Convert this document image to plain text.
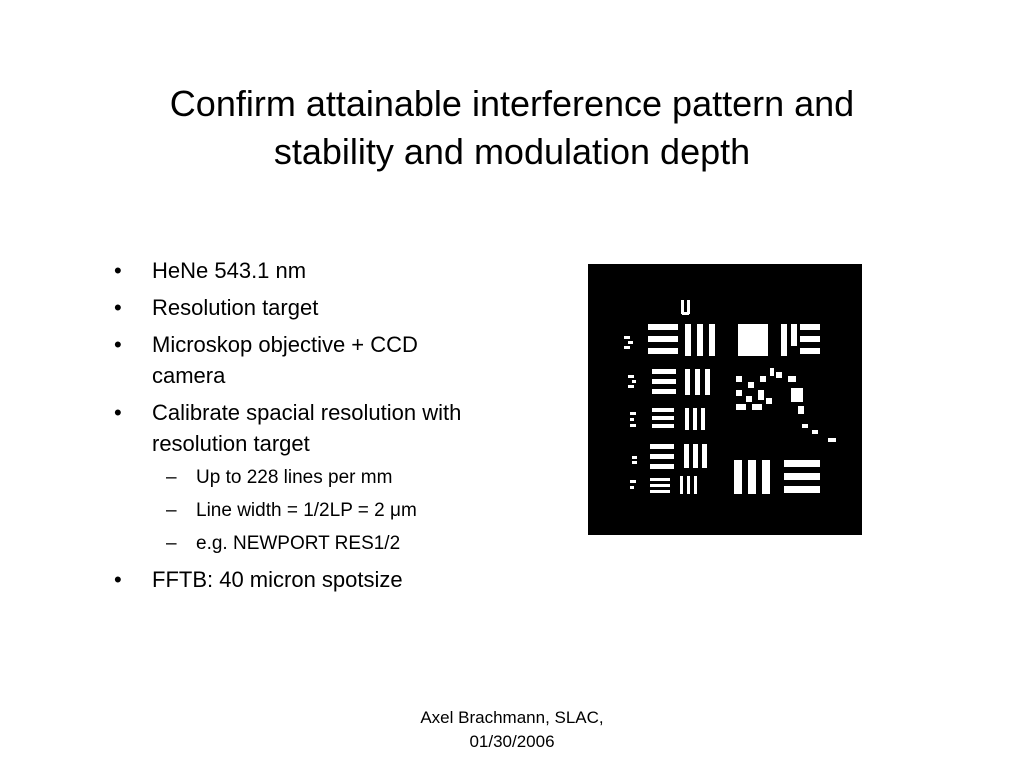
Confirm attainable interference pattern and
stability and modulation depth
• HeNe 543.1 nm
• Resolution target
• Microskop objective + CCD
camera
• Calibrate spacial resolution with
resolution target
– Up to 228 lines per mm
– Line width = 1/2LP = 2 μm
– e.g. NEWPORT RES1/2
• FFTB: 40 micron spotsize
Axel Brachmann, SLAC,
01/30/2006
